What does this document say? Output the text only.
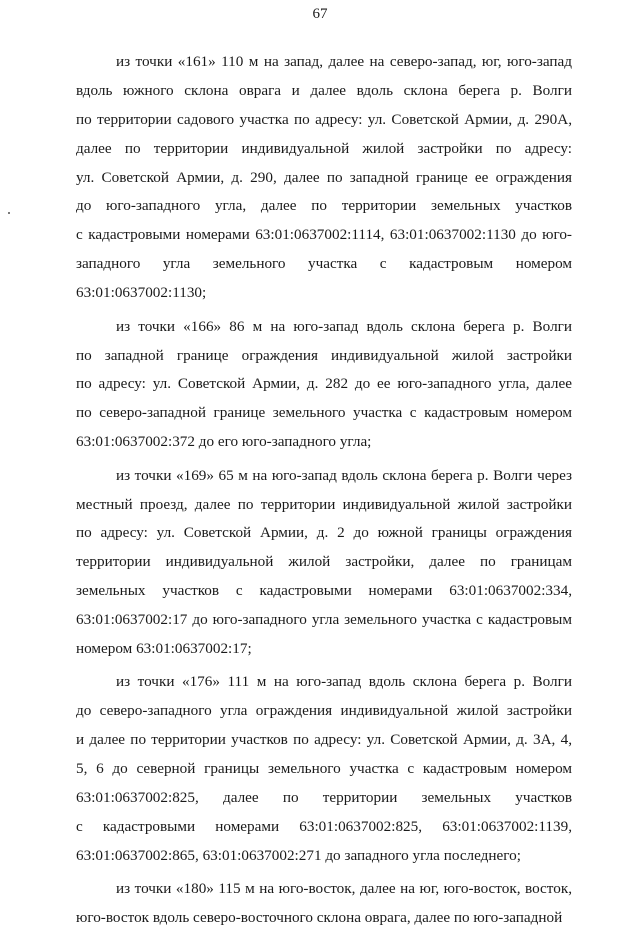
67
из точки «161» 110 м на запад, далее на северо-запад, юг, юго-запад
вдоль южного склона оврага и далее вдоль склона берега р. Волги
по территории садового участка по адресу: ул. Советской Армии, д. 290А,
далее по территории индивидуальной жилой застройки по адресу:
ул. Советской Армии, д. 290, далее по западной границе ее ограждения
до юго-западного угла, далее по территории земельных участков
с кадастровыми номерами 63:01:0637002:1114, 63:01:0637002:1130 до юго-
западного угла земельного участка с кадастровым номером
63:01:0637002:1130;
из точки «166» 86 м на юго-запад вдоль склона берега р. Волги
по западной границе ограждения индивидуальной жилой застройки
по адресу: ул. Советской Армии, д. 282 до ее юго-западного угла, далее
по северо-западной границе земельного участка с кадастровым номером
63:01:0637002:372 до его юго-западного угла;
из точки «169» 65 м на юго-запад вдоль склона берега р. Волги через
местный проезд, далее по территории индивидуальной жилой застройки
по адресу: ул. Советской Армии, д. 2 до южной границы ограждения
территории индивидуальной жилой застройки, далее по границам
земельных участков с кадастровыми номерами 63:01:0637002:334,
63:01:0637002:17 до юго-западного угла земельного участка с кадастровым
номером 63:01:0637002:17;
из точки «176» 111 м на юго-запад вдоль склона берега р. Волги
до северо-западного угла ограждения индивидуальной жилой застройки
и далее по территории участков по адресу: ул. Советской Армии, д. 3А, 4,
5, 6 до северной границы земельного участка с кадастровым номером
63:01:0637002:825, далее по территории земельных участков
с кадастровыми номерами 63:01:0637002:825, 63:01:0637002:1139,
63:01:0637002:865, 63:01:0637002:271 до западного угла последнего;
из точки «180» 115 м на юго-восток, далее на юг, юго-восток, восток,
юго-восток вдоль северо-восточного склона оврага, далее по юго-западной
